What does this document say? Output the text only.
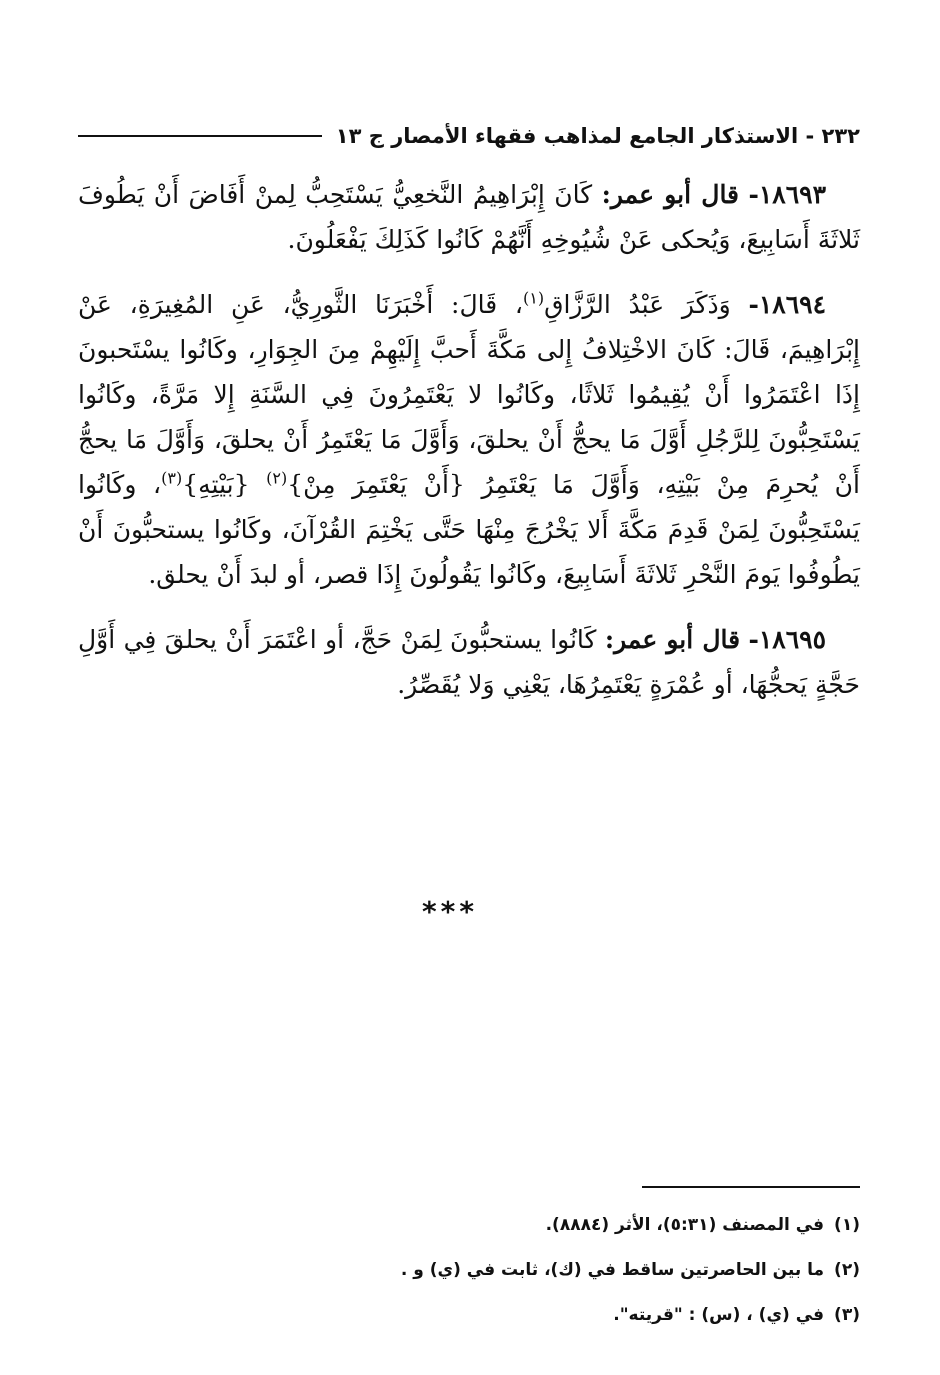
٢٣٢ - الاستذكار الجامع لمذاهب فقهاء الأمصار ج ١٣

١٨٦٩٣- قال أبو عمر: كَانَ إِبْرَاهِيمُ النَّخعِيُّ يَسْتَحِبُّ لِمنْ أَفَاضَ أَنْ يَطُوفَ ثَلاثَةَ أَسَابِيعَ، وَيُحكى عَنْ شُيُوخِهِ أَنَّهُمْ كَانُوا كَذَلِكَ يَفْعَلُونَ.

١٨٦٩٤- وَذَكَرَ عَبْدُ الرَّزَّاقِ$^{(١)}$، قَالَ: أَخْبَرَنَا الثَّورِيُّ، عَنِ المُغِيرَةِ، عَنْ إِبْرَاهِيمَ، قَالَ: كَانَ الاخْتِلافُ إِلى مَكَّةَ أَحبَّ إِلَيْهِمْ مِنَ الجِوَارِ، وكَانُوا يسْتَحبونَ إِذَا اعْتَمَرُوا أَنْ يُقِيمُوا ثَلاثًا، وكَانُوا لا يَعْتَمِرُونَ فِي السَّنَةِ إِلا مَرَّةً، وكَانُوا يَسْتَحِبُّونَ لِلرَّجُلِ أَوَّلَ مَا يحجُّ أَنْ يحلقَ، وَأَوَّلَ مَا يَعْتَمِرُ أَنْ يحلقَ، وَأَوَّلَ مَا يحجُّ أَنْ يُحرِمَ مِنْ بَيْتِهِ، وَأَوَّلَ مَا يَعْتَمِرُ {أَنْ يَعْتَمِرَ مِنْ}$^{(٢)}$ {بَيْتِهِ}$^{(٣)}$، وكَانُوا يَسْتَحِبُّونَ لِمَنْ قَدِمَ مَكَّةَ أَلا يَخْرُجَ مِنْهَا حَتَّى يَخْتِمَ القُرْآنَ، وكَانُوا يستحبُّونَ أَنْ يَطُوفُوا يَومَ النَّحْرِ ثَلاثَةَ أَسَابِيعَ، وكَانُوا يَقُولُونَ إِذَا قصر، أو لبدَ أَنْ يحلق.

١٨٦٩٥- قال أبو عمر: كَانُوا يستحبُّونَ لِمَنْ حَجَّ، أو اعْتَمَرَ أَنْ يحلقَ فِي أَوَّلِ حَجَّةٍ يَحجُّهَا، أو عُمْرَةٍ يَعْتَمِرُهَا، يَعْنِي وَلا يُقَصِّرُ.

***
(١)في المصنف (٥:٣١)، الأثر (٨٨٨٤).
(٢)ما بين الحاصرتين ساقط في (ك)، ثابت في (ي) و .
(٣)في (ي) ، (س) : "قريته".
